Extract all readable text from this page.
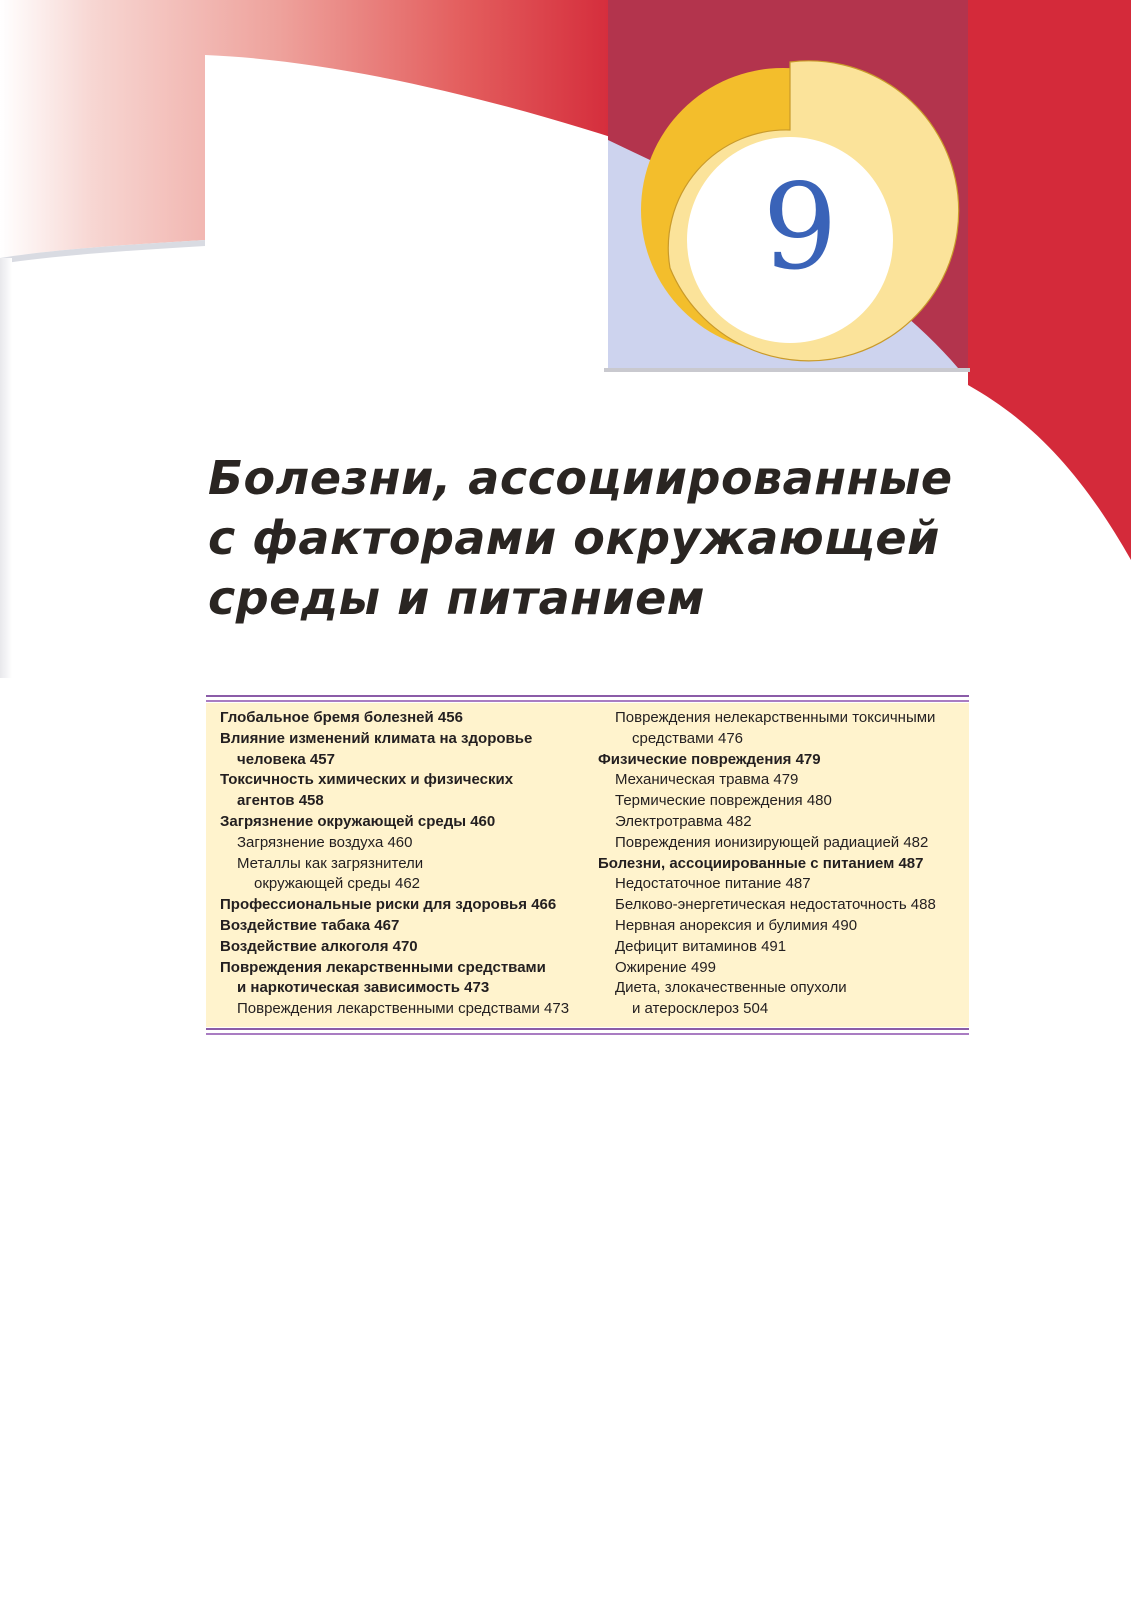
9
Болезни, ассоциированные
с факторами окружающей
среды и питанием
Глобальное бремя болезней 456
Влияние изменений климата на здоровье
человека 457
Токсичность химических и физических
агентов 458
Загрязнение окружающей среды 460
Загрязнение воздуха 460
Металлы как загрязнители
окружающей среды 462
Профессиональные риски для здоровья 466
Воздействие табака 467
Воздействие алкоголя 470
Повреждения лекарственными средствами
и наркотическая зависимость 473
Повреждения лекарственными средствами 473
Повреждения нелекарственными токсичными
средствами 476
Физические повреждения 479
Механическая травма 479
Термические повреждения 480
Электротравма 482
Повреждения ионизирующей радиацией 482
Болезни, ассоциированные с питанием 487
Недостаточное питание 487
Белково-энергетическая недостаточность 488
Нервная анорексия и булимия 490
Дефицит витаминов 491
Ожирение 499
Диета, злокачественные опухоли
и атеросклероз 504
